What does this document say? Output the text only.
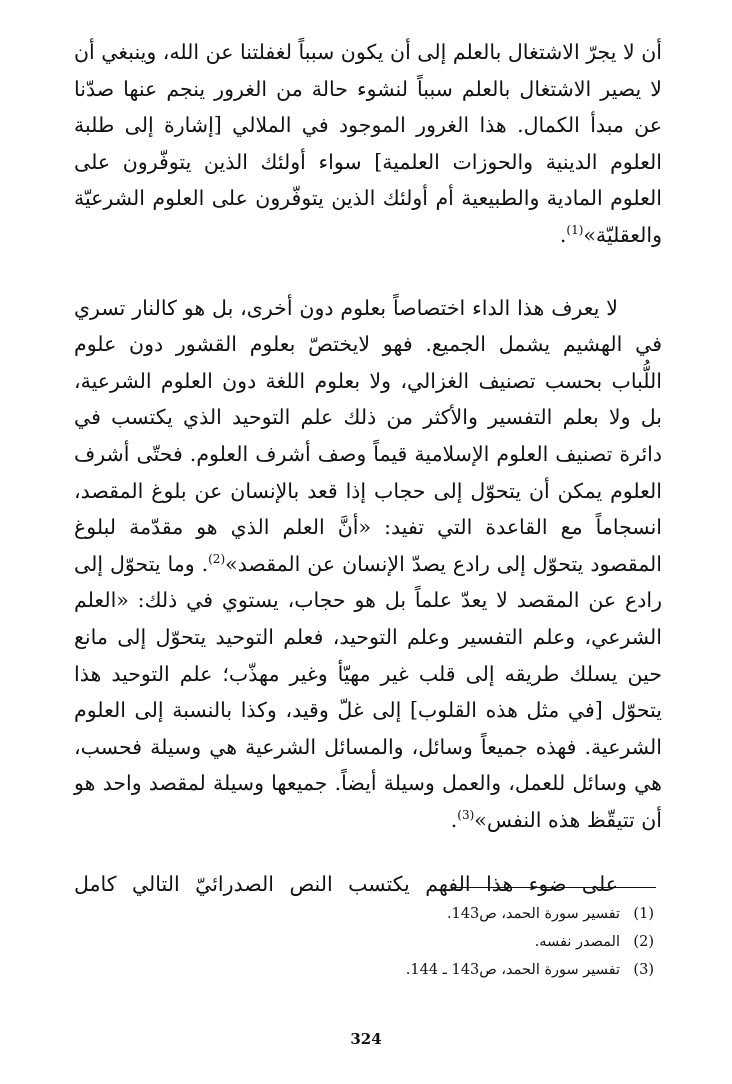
أن لا يجرّ الاشتغال بالعلم إلى أن يكون سبباً لغفلتنا عن الله، وينبغي أن لا يصير الاشتغال بالعلم سبباً لنشوء حالة من الغرور ينجم عنها صدّنا عن مبدأ الكمال. هذا الغرور الموجود في الملالي [إشارة إلى طلبة العلوم الدينية والحوزات العلمية] سواء أولئك الذين يتوفّرون على العلوم المادية والطبيعية أم أولئك الذين يتوفّرون على العلوم الشرعيّة والعقليّة»$^{(1)}$.

لا يعرف هذا الداء اختصاصاً بعلوم دون أخرى، بل هو كالنار تسري في الهشيم يشمل الجميع. فهو لايختصّ بعلوم القشور دون علوم اللُّباب بحسب تصنيف الغزالي، ولا بعلوم اللغة دون العلوم الشرعية، بل ولا بعلم التفسير والأكثر من ذلك علم التوحيد الذي يكتسب في دائرة تصنيف العلوم الإسلامية قيماً وصف أشرف العلوم. فحتّى أشرف العلوم يمكن أن يتحوّل إلى حجاب إذا قعد بالإنسان عن بلوغ المقصد، انسجاماً مع القاعدة التي تفيد: «أنَّ العلم الذي هو مقدّمة لبلوغ المقصود يتحوّل إلى رادع يصدّ الإنسان عن المقصد»$^{(2)}$. وما يتحوّل إلى رادع عن المقصد لا يعدّ علماً بل هو حجاب، يستوي في ذلك: «العلم الشرعي، وعلم التفسير وعلم التوحيد، فعلم التوحيد يتحوّل إلى مانع حين يسلك طريقه إلى قلب غير مهيّأ وغير مهذّب؛ علم التوحيد هذا يتحوّل [في مثل هذه القلوب] إلى غلّ وقيد، وكذا بالنسبة إلى العلوم الشرعية. فهذه جميعاً وسائل، والمسائل الشرعية هي وسيلة فحسب، هي وسائل للعمل، والعمل وسيلة أيضاً. جميعها وسيلة لمقصد واحد هو أن تتيقّظ هذه النفس»$^{(3)}$.

على ضوء هذا الفهم يكتسب النص الصدرائيّ التالي كامل

(1)
تفسير سورة الحمد، ص143.
(2)
المصدر نفسه.
(3)
تفسير سورة الحمد، ص143 ـ 144.
324
